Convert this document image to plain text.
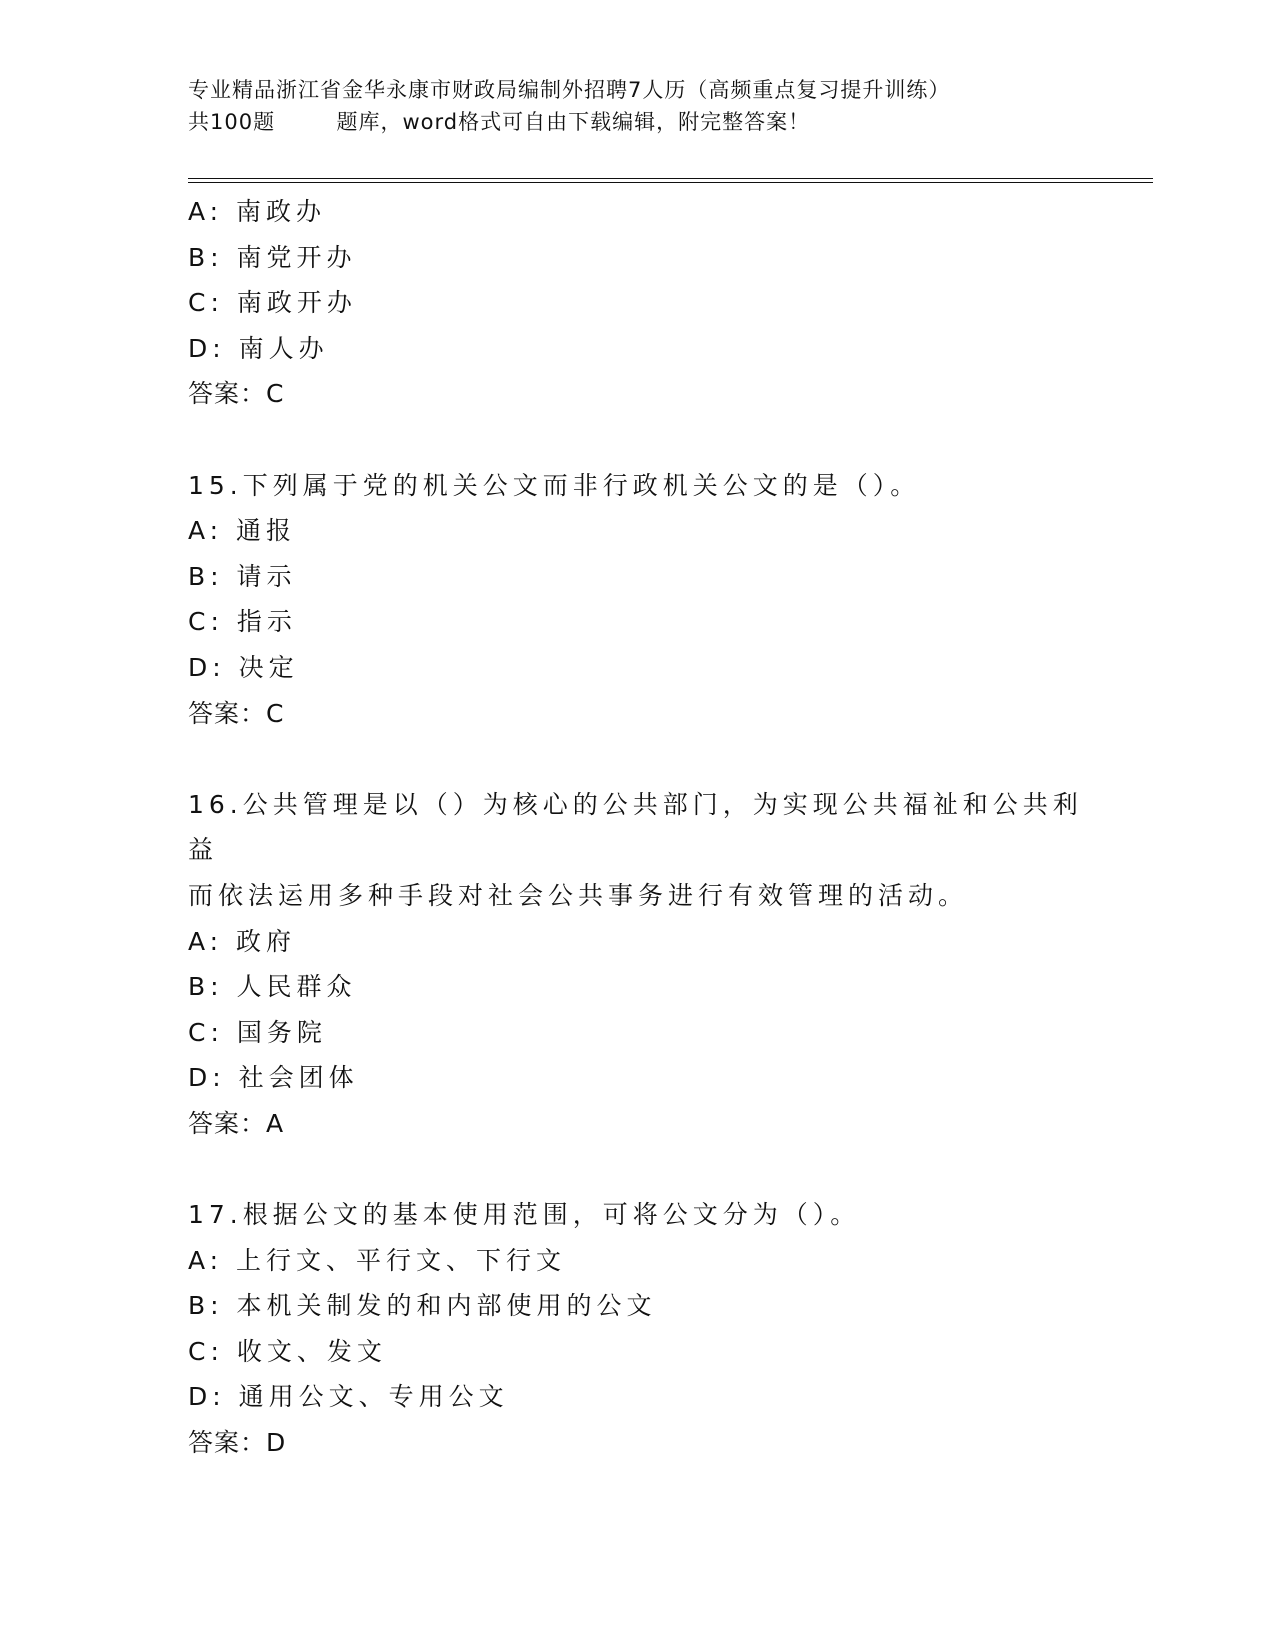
专业精品浙江省金华永康市财政局编制外招聘7人历（高频重点复习提升训练）
共100题        题库，word格式可自由下载编辑，附完整答案！

A: 南政办

B: 南党开办

C: 南政开办

D: 南人办

答案：C

15.下列属于党的机关公文而非行政机关公文的是（）。

A: 通报

B: 请示

C: 指示

D: 决定

答案：C

16.公共管理是以（）为核心的公共部门，为实现公共福祉和公共利益

而依法运用多种手段对社会公共事务进行有效管理的活动。

A: 政府

B: 人民群众

C: 国务院

D: 社会团体

答案：A

17.根据公文的基本使用范围，可将公文分为（）。

A: 上行文、平行文、下行文

B: 本机关制发的和内部使用的公文

C: 收文、发文

D: 通用公文、专用公文

答案：D
